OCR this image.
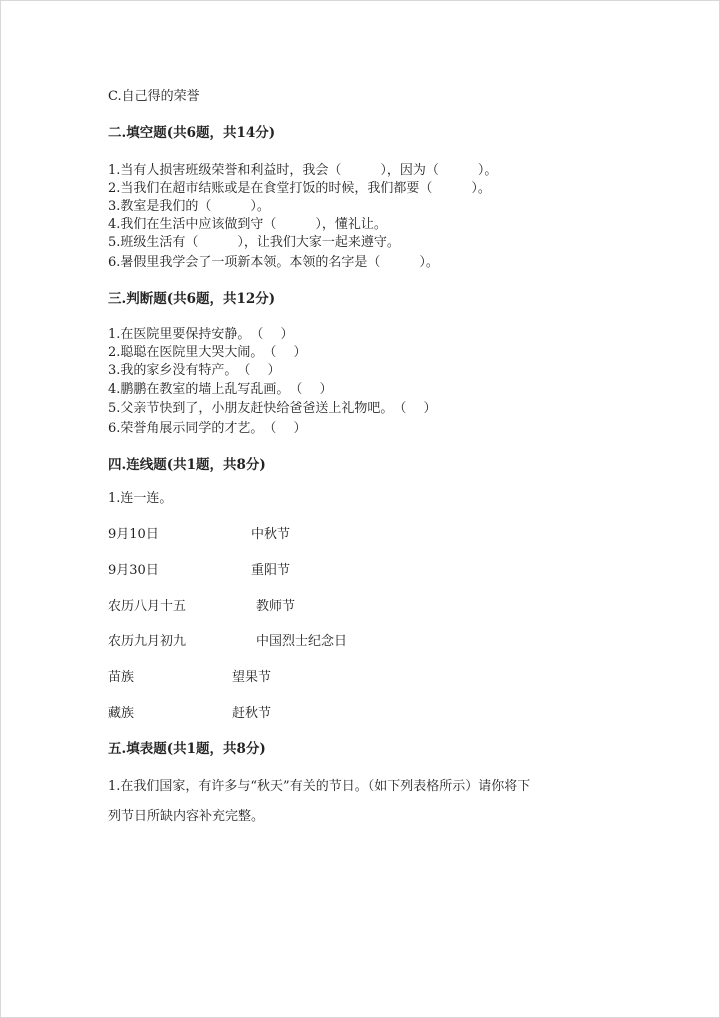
C.自己得的荣誉
二.填空题(共6题，共14分)
1.当有人损害班级荣誉和利益时，我会（　　　），因为（　　　）。
2.当我们在超市结账或是在食堂打饭的时候，我们都要（　　　）。
3.教室是我们的（　　　）。
4.我们在生活中应该做到守（　　　），懂礼让。
5.班级生活有（　　　），让我们大家一起来遵守。
6.暑假里我学会了一项新本领。本领的名字是（　　　）。
三.判断题(共6题，共12分)
1.在医院里要保持安静。　（　 ）
2.聪聪在医院里大哭大闹。　（　 ）
3.我的家乡没有特产。　（　 ）
4.鹏鹏在教室的墙上乱写乱画。　（　 ）
5.父亲节快到了，小朋友赶快给爸爸送上礼物吧。　（　 ）
6.荣誉角展示同学的才艺。　（　 ）
四.连线题(共1题，共8分)
1.连一连。
9月10日	中秋节
9月30日	重阳节
农历八月十五	教师节
农历九月初九	中国烈士纪念日
苗族	望果节
藏族	赶秋节
五.填表题(共1题，共8分)
1.在我们国家，有许多与“秋天”有关的节日。（如下列表格所示）请你将下
列节日所缺内容补充完整。
